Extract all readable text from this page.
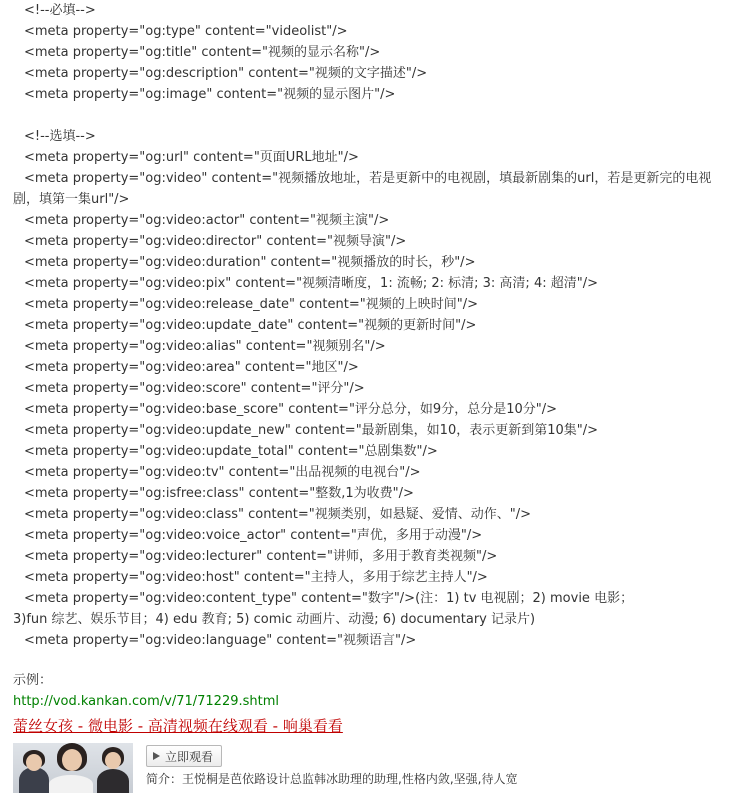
<!--必填-->
<meta property="og:type" content="videolist"/>
<meta property="og:title" content="视频的显示名称"/>
<meta property="og:description" content="视频的文字描述"/>
<meta property="og:image" content="视频的显示图片"/>
<!--选填-->
<meta property="og:url" content="页面URL地址"/>
<meta property="og:video" content="视频播放地址，若是更新中的电视剧，填最新剧集的url，若是更新完的电视
剧，填第一集url"/>
<meta property="og:video:actor" content="视频主演"/>
<meta property="og:video:director" content="视频导演"/>
<meta property="og:video:duration" content="视频播放的时长，秒"/>
<meta property="og:video:pix" content="视频清晰度，1: 流畅; 2: 标清; 3: 高清; 4: 超清"/>
<meta property="og:video:release_date" content="视频的上映时间"/>
<meta property="og:video:update_date" content="视频的更新时间"/>
<meta property="og:video:alias" content="视频别名"/>
<meta property="og:video:area" content="地区"/>
<meta property="og:video:score" content="评分"/>
<meta property="og:video:base_score" content="评分总分，如9分，总分是10分"/>
<meta property="og:video:update_new" content="最新剧集，如10，表示更新到第10集"/>
<meta property="og:video:update_total" content="总剧集数"/>
<meta property="og:video:tv" content="出品视频的电视台"/>
<meta property="og:isfree:class" content="整数,1为收费"/>
<meta property="og:video:class" content="视频类别，如悬疑、爱情、动作、"/>
<meta property="og:video:voice_actor" content="声优，多用于动漫"/>
<meta property="og:video:lecturer" content="讲师，多用于教育类视频"/>
<meta property="og:video:host" content="主持人，多用于综艺主持人"/>
<meta property="og:video:content_type" content="数字"/>(注：1) tv 电视剧；2) movie 电影；
3)fun 综艺、娱乐节目；4) edu 教育; 5) comic 动画片、动漫; 6) documentary 记录片)
<meta property="og:video:language" content="视频语言"/>
示例：
http://vod.kankan.com/v/71/71229.shtml
蕾丝女孩 - 微电影 - 高清视频在线观看 - 响巢看看
立即观看
简介：王悦桐是芭依路设计总监韩冰助理的助理,性格内敛,坚强,待人宽
